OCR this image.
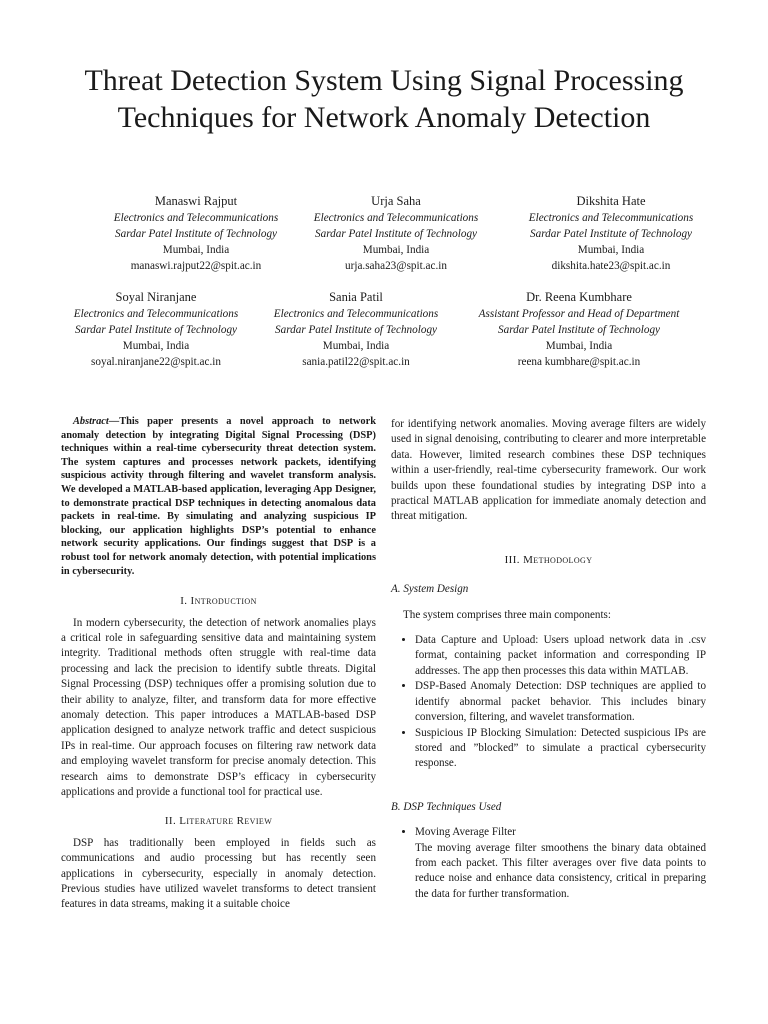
Threat Detection System Using Signal Processing
Techniques for Network Anomaly Detection
Manaswi Rajput
Electronics and Telecommunications
Sardar Patel Institute of Technology
Mumbai, India
manaswi.rajput22@spit.ac.in
Urja Saha
Electronics and Telecommunications
Sardar Patel Institute of Technology
Mumbai, India
urja.saha23@spit.ac.in
Dikshita Hate
Electronics and Telecommunications
Sardar Patel Institute of Technology
Mumbai, India
dikshita.hate23@spit.ac.in
Soyal Niranjane
Electronics and Telecommunications
Sardar Patel Institute of Technology
Mumbai, India
soyal.niranjane22@spit.ac.in
Sania Patil
Electronics and Telecommunications
Sardar Patel Institute of Technology
Mumbai, India
sania.patil22@spit.ac.in
Dr. Reena Kumbhare
Assistant Professor and Head of Department
Sardar Patel Institute of Technology
Mumbai, India
reena kumbhare@spit.ac.in

Abstract—This paper presents a novel approach to network anomaly detection by integrating Digital Signal Processing (DSP) techniques within a real-time cybersecurity threat detection system. The system captures and processes network packets, identifying suspicious activity through filtering and wavelet transform analysis. We developed a MATLAB-based application, leveraging App Designer, to demonstrate practical DSP techniques in detecting anomalous data packets in real-time. By simulating and analyzing suspicious IP blocking, our application highlights DSP’s potential to enhance network security applications. Our findings suggest that DSP is a robust tool for network anomaly detection, with potential implications in cybersecurity.

I. Introduction

In modern cybersecurity, the detection of network anomalies plays a critical role in safeguarding sensitive data and maintaining system integrity. Traditional methods often struggle with real-time data processing and lack the precision to identify subtle threats. Digital Signal Processing (DSP) techniques offer a promising solution due to their ability to analyze, filter, and transform data for more effective anomaly detection. This paper introduces a MATLAB-based DSP application designed to analyze network traffic and detect suspicious IPs in real-time. Our approach focuses on filtering raw network data and employing wavelet transform for precise anomaly detection. This research aims to demonstrate DSP’s efficacy in cybersecurity applications and provide a functional tool for practical use.

II. Literature Review

DSP has traditionally been employed in fields such as communications and audio processing but has recently seen applications in cybersecurity, especially in anomaly detection. Previous studies have utilized wavelet transforms to detect transient features in data streams, making it a suitable choice

for identifying network anomalies. Moving average filters are widely used in signal denoising, contributing to clearer and more interpretable data. However, limited research combines these DSP techniques within a user-friendly, real-time cybersecurity framework. Our work builds upon these foundational studies by integrating DSP into a practical MATLAB application for immediate anomaly detection and threat mitigation.

III. Methodology
A. System Design

The system comprises three main components:

• Data Capture and Upload: Users upload network data in .csv format, containing packet information and corresponding IP addresses. The app then processes this data within MATLAB.
• DSP-Based Anomaly Detection: DSP techniques are applied to identify abnormal packet behavior. This includes binary conversion, filtering, and wavelet transformation.
• Suspicious IP Blocking Simulation: Detected suspicious IPs are stored and ”blocked” to simulate a practical cybersecurity response.
B. DSP Techniques Used
• Moving Average Filter
The moving average filter smoothens the binary data obtained from each packet. This filter averages over five data points to reduce noise and enhance data consistency, critical in preparing the data for further transformation.
